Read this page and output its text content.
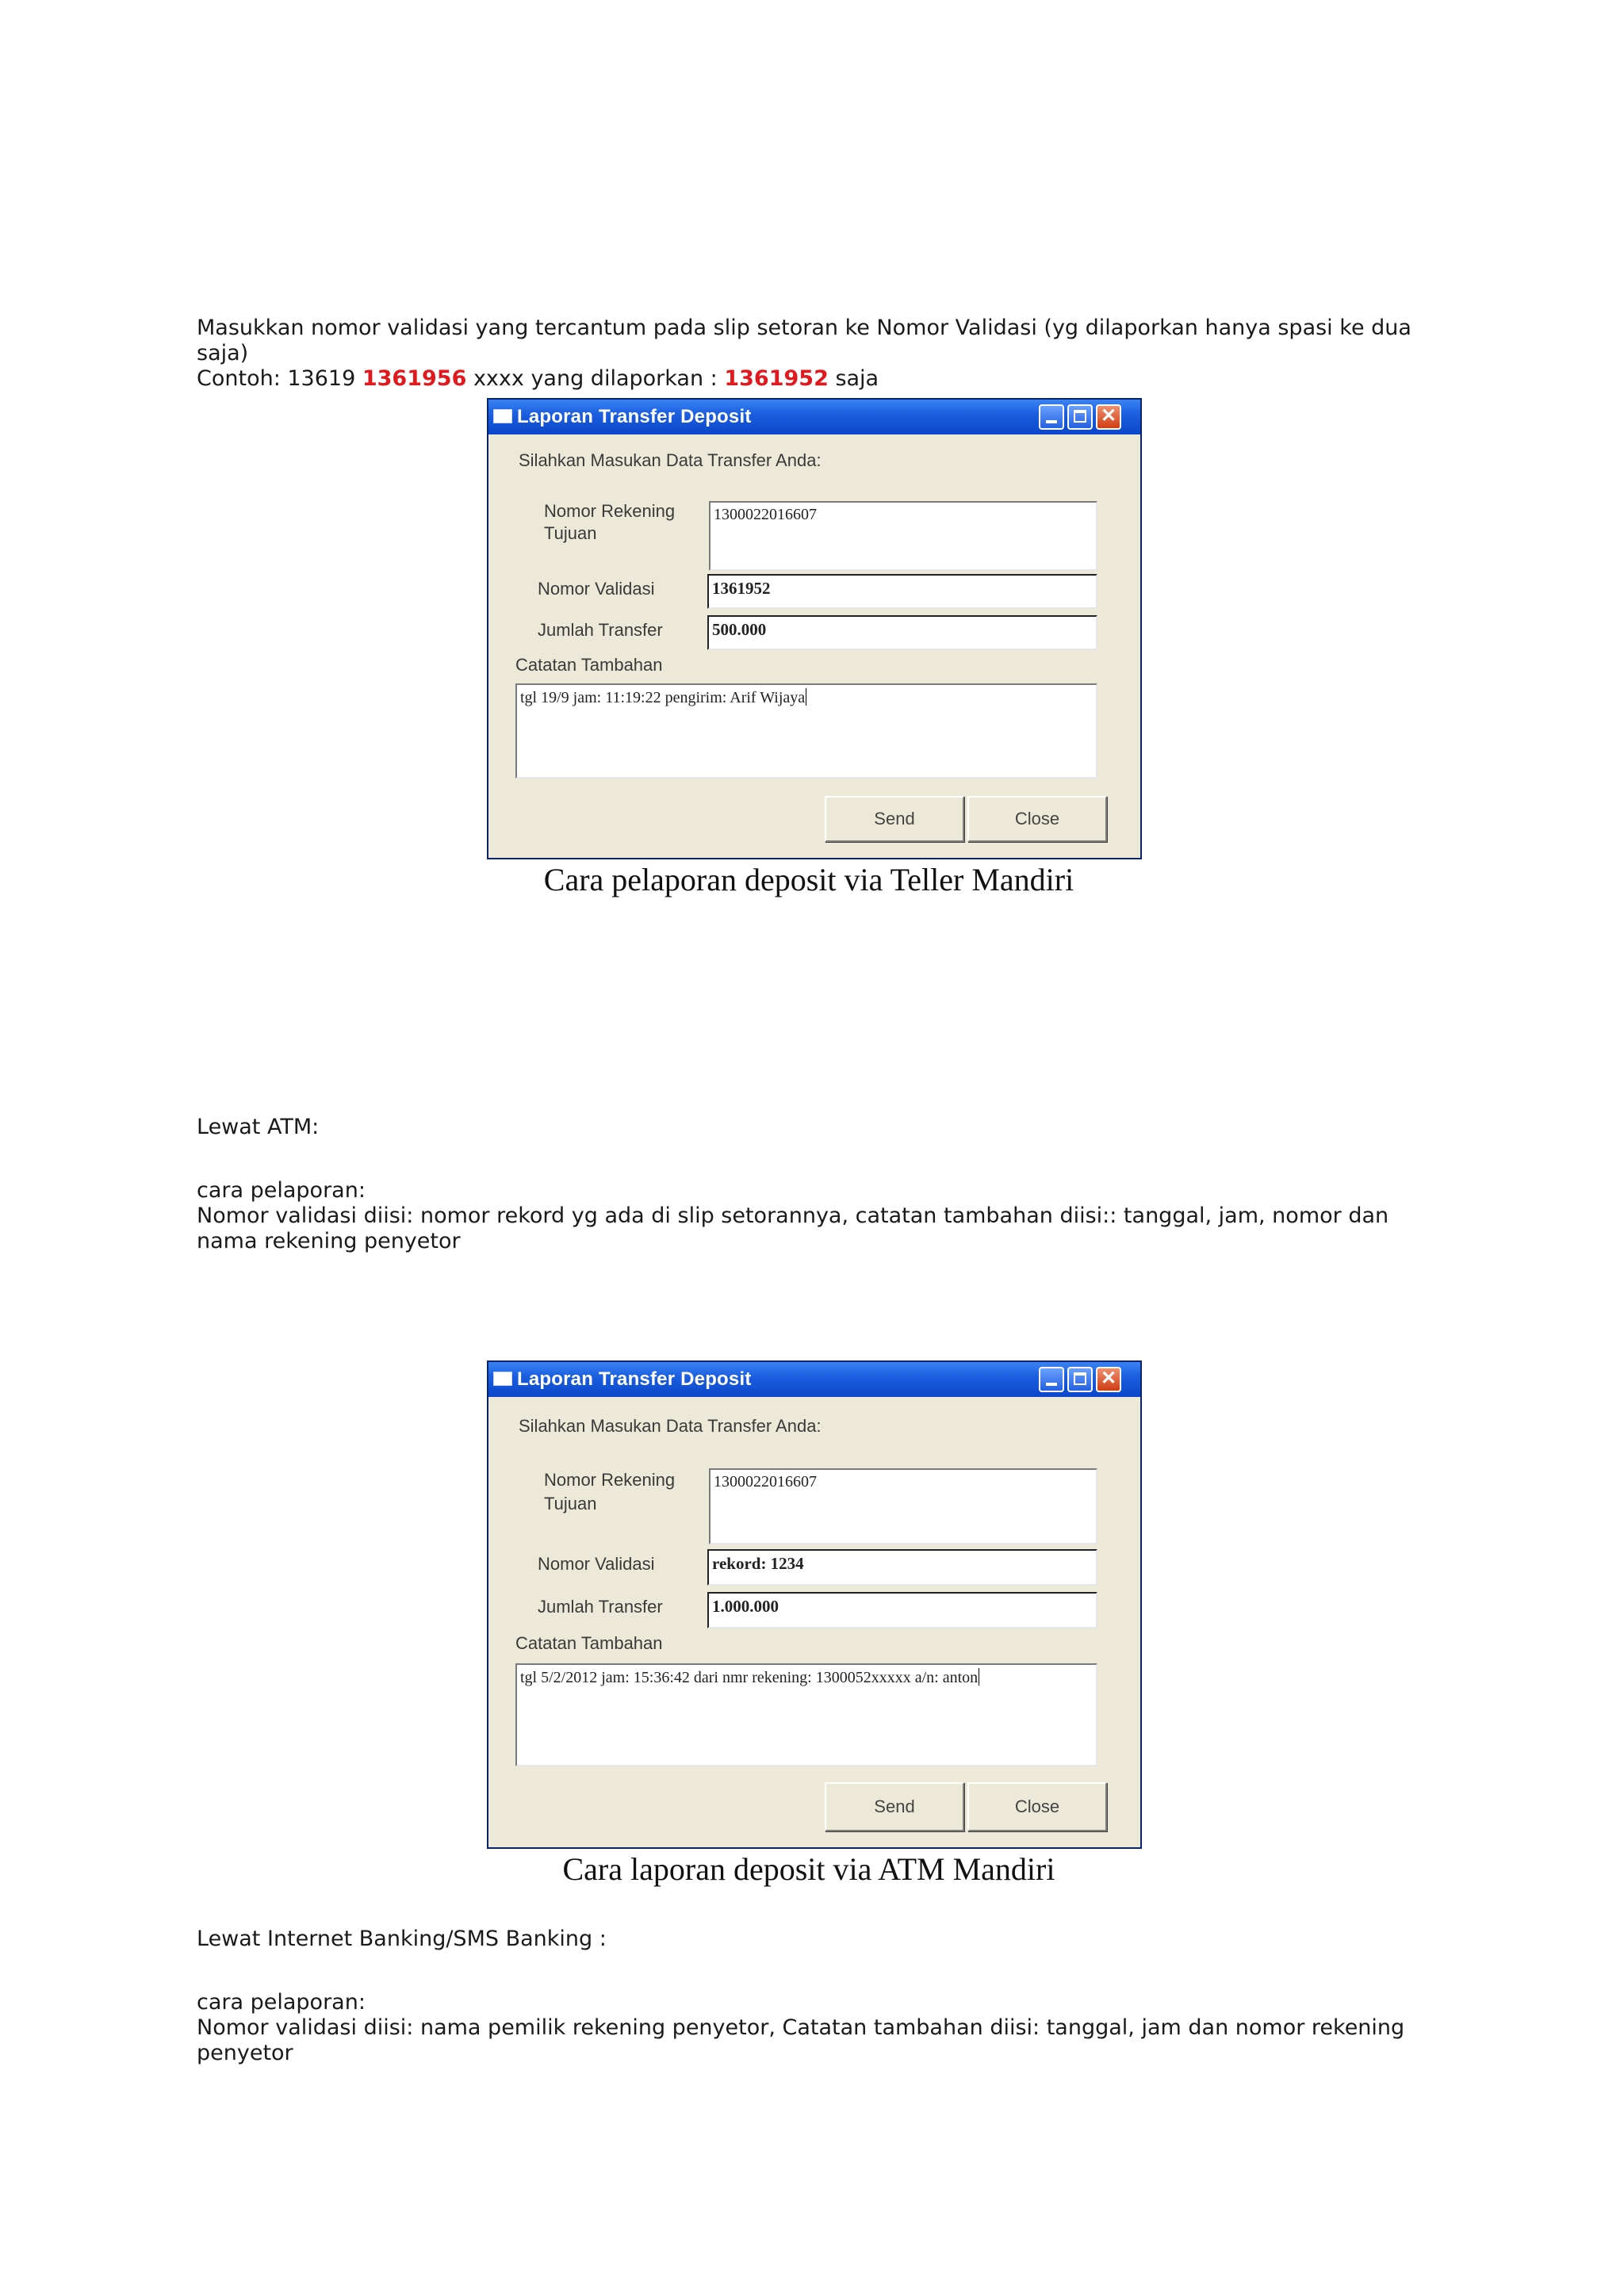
Masukkan nomor validasi yang tercantum pada slip setoran ke Nomor Validasi (yg dilaporkan hanya spasi ke dua saja)

Contoh: 13619 1361956 xxxx yang dilaporkan : 1361952 saja

Laporan Transfer Deposit	✕
Silahkan Masukan Data Transfer Anda:
Nomor Rekening
Tujuan
1300022016607
Nomor Validasi	1361952
Jumlah Transfer	500.000
Catatan Tambahan
tgl 19/9 jam: 11:19:22 pengirim: Arif Wijaya
Send	Close
Cara pelaporan deposit via Teller Mandiri
Lewat ATM:

cara pelaporan:

Nomor validasi diisi: nomor rekord yg ada di slip setorannya, catatan tambahan diisi:: tanggal, jam, nomor dan nama rekening penyetor

Laporan Transfer Deposit	✕
Silahkan Masukan Data Transfer Anda:
Nomor Rekening
Tujuan
1300022016607
Nomor Validasi	rekord: 1234
Jumlah Transfer	1.000.000
Catatan Tambahan
tgl 5/2/2012 jam: 15:36:42 dari nmr rekening: 1300052xxxxx a/n: anton
Send	Close
Cara laporan deposit via ATM Mandiri
Lewat Internet Banking/SMS Banking :

cara pelaporan:

Nomor validasi diisi: nama pemilik rekening penyetor, Catatan tambahan diisi: tanggal, jam dan nomor rekening penyetor
